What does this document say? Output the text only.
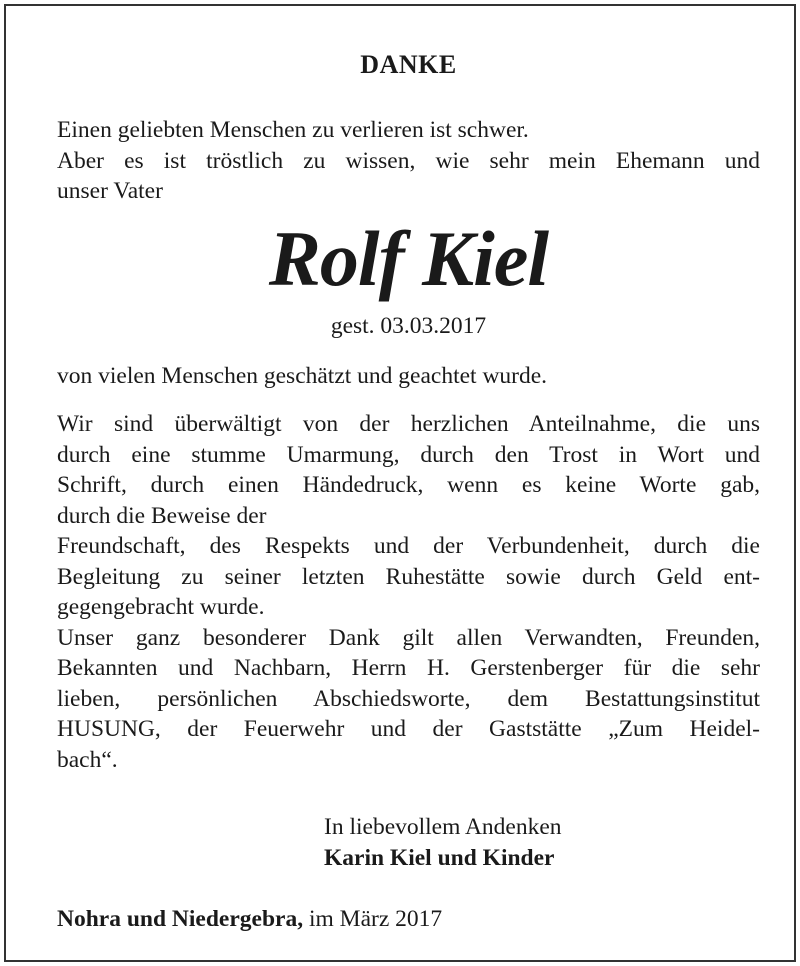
DANKE
Einen geliebten Menschen zu verlieren ist schwer.
Aber es ist tröstlich zu wissen, wie sehr mein Ehemann und
unser Vater
Rolf Kiel
gest. 03.03.2017
von vielen Menschen geschätzt und geachtet wurde.
Wir sind überwältigt von der herzlichen Anteilnahme, die uns
durch eine stumme Umarmung, durch den Trost in Wort und
Schrift, durch einen Händedruck, wenn es keine Worte gab,
durch die Beweise der
Freundschaft, des Respekts und der Verbundenheit, durch die
Begleitung zu seiner letzten Ruhestätte sowie durch Geld ent-
gegengebracht wurde.
Unser ganz besonderer Dank gilt allen Verwandten, Freunden,
Bekannten und Nachbarn, Herrn H. Gerstenberger für die sehr
lieben, persönlichen Abschiedsworte, dem Bestattungsinstitut
HUSUNG, der Feuerwehr und der Gaststätte „Zum Heidel-
bach“.
In liebevollem Andenken
Karin Kiel und Kinder
Nohra und Niedergebra, im März 2017
